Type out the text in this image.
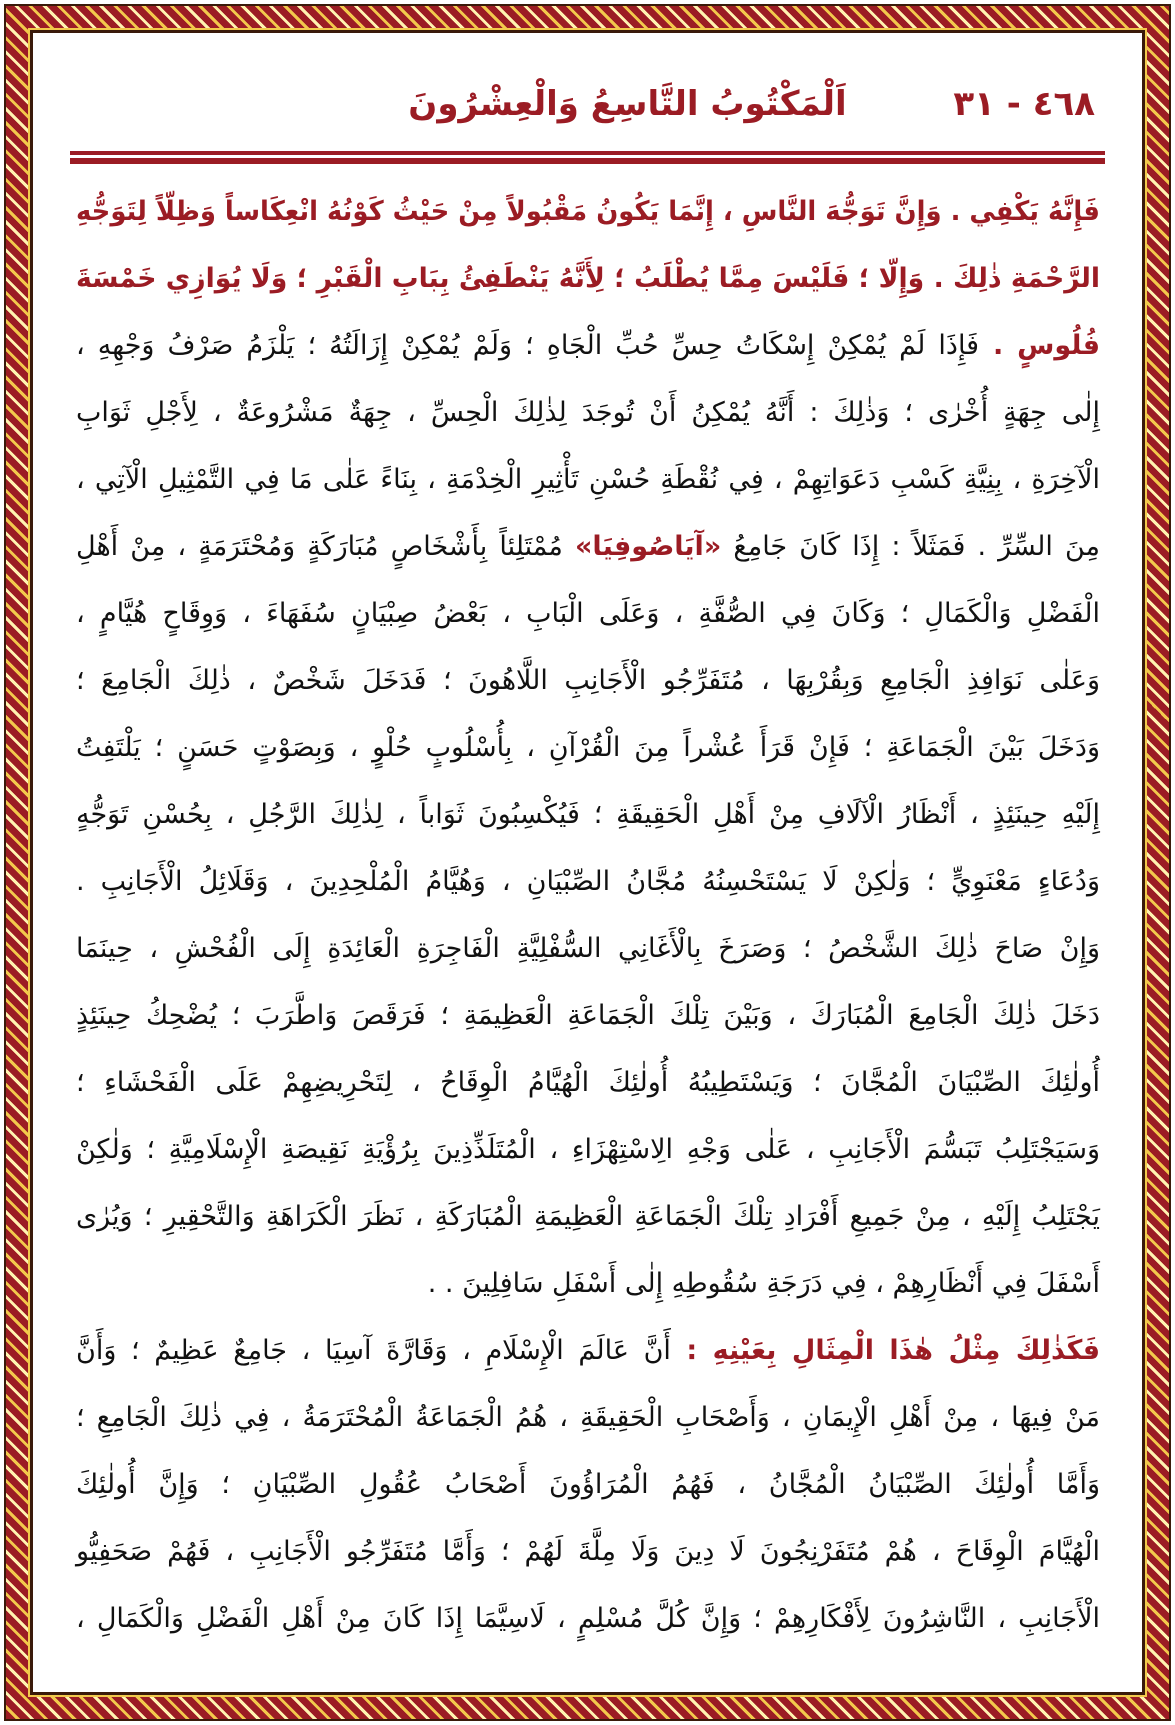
٤٦٨ - ٣١
اَلْمَكْتُوبُ التَّاسِعُ وَالْعِشْرُونَ
فَإِنَّهُ يَكْفِي . وَإِنَّ تَوَجُّهَ النَّاسِ ، إِنَّمَا يَكُونُ مَقْبُولاً مِنْ حَيْثُ كَوْنُهُ انْعِكَاساً وَظِلّاً لِتَوَجُّهِ
الرَّحْمَةِ ذٰلِكَ . وَإِلّا ؛ فَلَيْسَ مِمَّا يُطْلَبُ ؛ لِأَنَّهُ يَنْطَفِئُ بِبَابِ الْقَبْرِ ؛ وَلَا يُوَازِي خَمْسَةَ
فُلُوسٍ . فَإِذَا لَمْ يُمْكِنْ إِسْكَاتُ حِسِّ حُبِّ الْجَاهِ ؛ وَلَمْ يُمْكِنْ إِزَالَتُهُ ؛ يَلْزَمُ صَرْفُ وَجْهِهِ ،
إِلٰى جِهَةٍ أُخْرٰى ؛ وَذٰلِكَ : أَنَّهُ يُمْكِنُ أَنْ تُوجَدَ لِذٰلِكَ الْحِسِّ ، جِهَةٌ مَشْرُوعَةٌ ، لِأَجْلِ ثَوَابِ
الْآخِرَةِ ، بِنِيَّةِ كَسْبِ دَعَوَاتِهِمْ ، فِي نُقْطَةِ حُسْنِ تَأْثِيرِ الْخِدْمَةِ ، بِنَاءً عَلٰى مَا فِي التَّمْثِيلِ الْآتِي ،
مِنَ السِّرِّ . فَمَثَلاً : إِذَا كَانَ جَامِعُ «آيَاصُوفِيَا» مُمْتَلِئاً بِأَشْخَاصٍ مُبَارَكَةٍ وَمُحْتَرَمَةٍ ، مِنْ أَهْلِ
الْفَضْلِ وَالْكَمَالِ ؛ وَكَانَ فِي الصُّفَّةِ ، وَعَلَى الْبَابِ ، بَعْضُ صِبْيَانٍ سُفَهَاءَ ، وَوِقَاحٍ هُيَّامٍ ،
وَعَلٰى نَوَافِذِ الْجَامِعِ وَبِقُرْبِهَا ، مُتَفَرِّجُو الْأَجَانِبِ اللَّاهُونَ ؛ فَدَخَلَ شَخْصٌ ، ذٰلِكَ الْجَامِعَ ؛
وَدَخَلَ بَيْنَ الْجَمَاعَةِ ؛ فَإِنْ قَرَأَ عُشْراً مِنَ الْقُرْآنِ ، بِأُسْلُوبٍ حُلْوٍ ، وَبِصَوْتٍ حَسَنٍ ؛ يَلْتَفِتُ
إِلَيْهِ حِينَئِذٍ ، أَنْظَارُ الْآلَافِ مِنْ أَهْلِ الْحَقِيقَةِ ؛ فَيُكْسِبُونَ ثَوَاباً ، لِذٰلِكَ الرَّجُلِ ، بِحُسْنِ تَوَجُّهٍ
وَدُعَاءٍ مَعْنَوِيٍّ ؛ وَلٰكِنْ لَا يَسْتَحْسِنُهُ مُجَّانُ الصِّبْيَانِ ، وَهُيَّامُ الْمُلْحِدِينَ ، وَقَلَائِلُ الْأَجَانِبِ .
وَإِنْ صَاحَ ذٰلِكَ الشَّخْصُ ؛ وَصَرَخَ بِالْأَغَانِي السُّفْلِيَّةِ الْفَاجِرَةِ الْعَائِدَةِ إِلَى الْفُحْشِ ، حِينَمَا
دَخَلَ ذٰلِكَ الْجَامِعَ الْمُبَارَكَ ، وَبَيْنَ تِلْكَ الْجَمَاعَةِ الْعَظِيمَةِ ؛ فَرَقَصَ وَاطَّرَبَ ؛ يُضْحِكُ حِينَئِذٍ
أُولٰئِكَ الصِّبْيَانَ الْمُجَّانَ ؛ وَيَسْتَطِيبُهُ أُولٰئِكَ الْهُيَّامُ الْوِقَاحُ ، لِتَحْرِيضِهِمْ عَلَى الْفَحْشَاءِ ؛
وَسَيَجْتَلِبُ تَبَسُّمَ الْأَجَانِبِ ، عَلٰى وَجْهِ الِاسْتِهْزَاءِ ، الْمُتَلَذِّذِينَ بِرُؤْيَةِ نَقِيصَةِ الْإِسْلَامِيَّةِ ؛ وَلٰكِنْ
يَجْتَلِبُ إِلَيْهِ ، مِنْ جَمِيعِ أَفْرَادِ تِلْكَ الْجَمَاعَةِ الْعَظِيمَةِ الْمُبَارَكَةِ ، نَظَرَ الْكَرَاهَةِ وَالتَّحْقِيرِ ؛ وَيُرٰى
أَسْفَلَ فِي أَنْظَارِهِمْ ، فِي دَرَجَةِ سُقُوطِهِ إِلٰى أَسْفَلِ سَافِلِينَ . .
فَكَذٰلِكَ مِثْلُ هٰذَا الْمِثَالِ بِعَيْنِهِ : أَنَّ عَالَمَ الْإِسْلَامِ ، وَقَارَّةَ آسِيَا ، جَامِعٌ عَظِيمٌ ؛ وَأَنَّ
مَنْ فِيهَا ، مِنْ أَهْلِ الْإِيمَانِ ، وَأَصْحَابِ الْحَقِيقَةِ ، هُمُ الْجَمَاعَةُ الْمُحْتَرَمَةُ ، فِي ذٰلِكَ الْجَامِعِ ؛
وَأَمَّا أُولٰئِكَ الصِّبْيَانُ الْمُجَّانُ ، فَهُمُ الْمُرَاؤُونَ أَصْحَابُ عُقُولِ الصِّبْيَانِ ؛ وَإِنَّ أُولٰئِكَ
الْهُيَّامَ الْوِقَاحَ ، هُمْ مُتَفَرْنِجُونَ لَا دِينَ وَلَا مِلَّةَ لَهُمْ ؛ وَأَمَّا مُتَفَرِّجُو الْأَجَانِبِ ، فَهُمْ صَحَفِيُّو
الْأَجَانِبِ ، النَّاشِرُونَ لِأَفْكَارِهِمْ ؛ وَإِنَّ كُلَّ مُسْلِمٍ ، لَاسِيَّمَا إِذَا كَانَ مِنْ أَهْلِ الْفَضْلِ وَالْكَمَالِ ،
